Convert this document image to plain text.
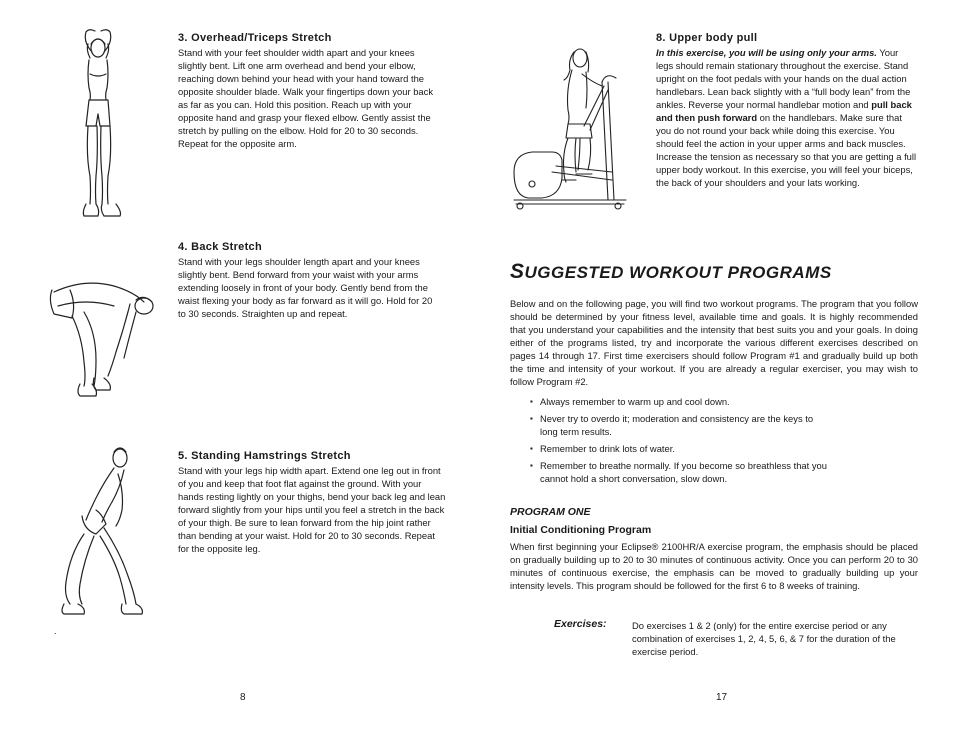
3. Overhead/Triceps Stretch

Stand with your feet shoulder width apart and your knees slightly bent. Lift one arm overhead and bend your elbow, reaching down behind your head with your hand toward the opposite shoulder blade. Walk your fingertips down your back as far as you can. Hold this position. Reach up with your opposite hand and grasp your flexed elbow. Gently assist the stretch by pulling on the elbow. Hold for 20 to 30 seconds. Repeat for the opposite arm.

4. Back Stretch

Stand with your legs shoulder length apart and your knees slightly bent. Bend forward from your waist with your arms extending loosely in front of your body. Gently bend from the waist flexing your body as far forward as it will go. Hold for 20 to 30 seconds. Straighten up and repeat.

5. Standing Hamstrings Stretch

Stand with your legs hip width apart. Extend one leg out in front of you and keep that foot flat against the ground. With your hands resting lightly on your thighs, bend your back leg and lean forward slightly from your hips until you feel a stretch in the back of your thigh. Be sure to lean forward from the hip joint rather than bending at your waist. Hold for 20 to 30 seconds. Repeat for the opposite leg.

.
8
8. Upper body pull

In this exercise, you will be using only your arms. Your legs should remain stationary throughout the exercise. Stand upright on the foot pedals with your hands on the dual action handlebars. Lean back slightly with a “full body lean” from the ankles. Reverse your normal handlebar motion and pull back and then push forward on the handlebars. Make sure that you do not round your back while doing this exercise. You should feel the action in your upper arms and back muscles. Increase the tension as necessary so that you are getting a full upper body workout. In this exercise, you will feel your biceps, the back of your shoulders and your lats working.

SUGGESTED WORKOUT PROGRAMS

Below and on the following page, you will find two workout programs. The program that you follow should be determined by your fitness level, available time and goals. It is highly recommended that you understand your capabilities and the intensity that best suits you and your goals. In doing either of the programs listed, try and incorporate the various different exercises described on pages 14 through 17. First time exercisers should follow Program #1 and gradually build up both the time and intensity of your workout. If you are already a regular exerciser, you may wish to follow Program #2.

▪ Always remember to warm up and cool down.
▪ Never try to overdo it; moderation and consistency are the keys to long term results.
▪ Remember to drink lots of water.
▪ Remember to breathe normally. If you become so breathless that you cannot hold a short conversation, slow down.
PROGRAM ONE
Initial Conditioning Program

When first beginning your Eclipse® 2100HR/A exercise program, the emphasis should be placed on gradually building up to 20 to 30 minutes of continuous activity. Once you can perform 20 to 30 minutes of continuous exercise, the emphasis can be moved to gradually building up your intensity levels. This program should be followed for the first 6 to 8 weeks of training.

Exercises:	Do exercises 1 & 2 (only) for the entire exercise period or any combination of exercises 1, 2, 4, 5, 6, & 7 for the duration of the exercise period.

17
